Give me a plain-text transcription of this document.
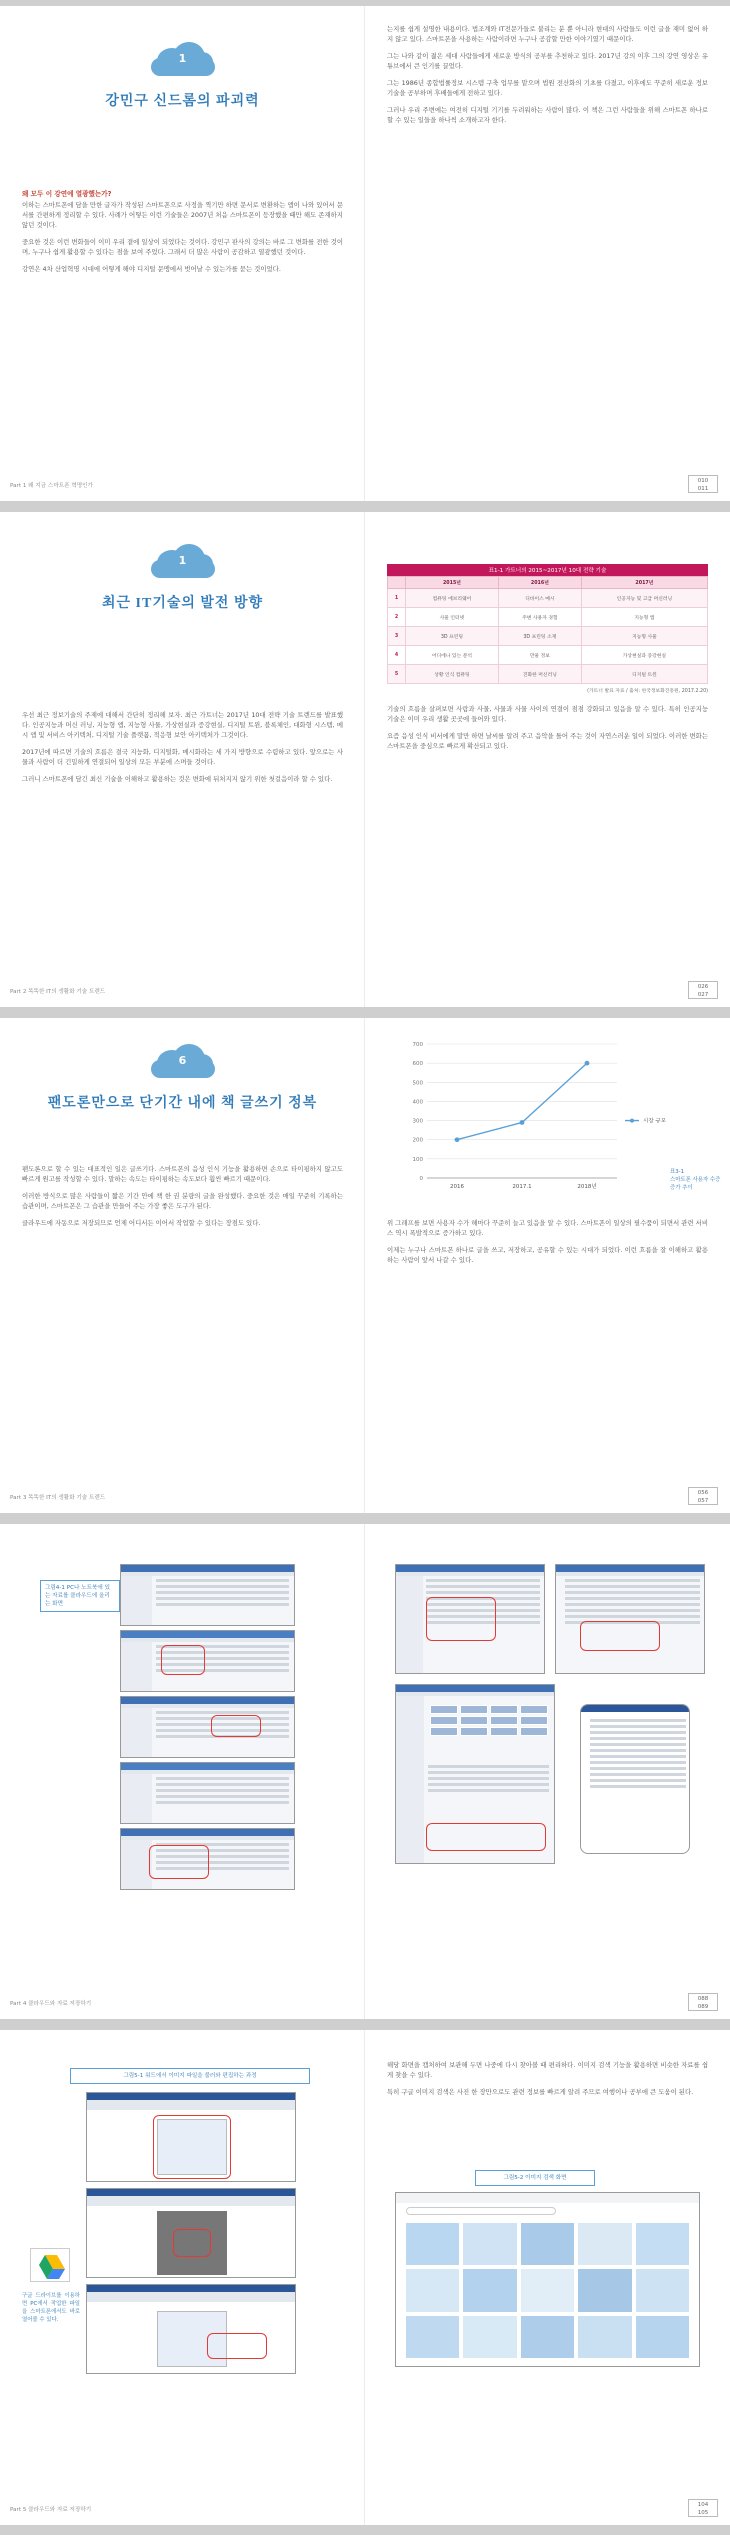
1
강민구 신드롬의 파괴력
왜 모두 이 강연에 열광했는가?

이하는 스마트폰에 담을 만한 글자가 작성된 스마트폰으로 사정을 찍기만 하면 문서로 변환하는 앱이 나와 있어서 문서를 간편하게 정리할 수 있다. 사례가 어떻든 이런 기술들은 2007년 처음 스마트폰이 등장했을 때만 해도 존재하지 않던 것이다.

중요한 것은 이런 변화들이 이미 우리 곁에 일상이 되었다는 것이다. 강민구 판사의 강의는 바로 그 변화를 전한 것이며, 누구나 쉽게 활용할 수 있다는 점을 보여 주었다. 그래서 더 많은 사람이 공감하고 열광했던 것이다.

강연은 4차 산업혁명 시대에 어떻게 해야 디지털 문맹에서 벗어날 수 있는가를 묻는 것이었다.

Part 1 왜 지금 스마트폰 혁명인가

는지를 쉽게 설명한 내용이다. 법조계와 IT전문가들로 불리는 분 뿐 아니라 현대의 사람들도 이런 글을 재미 없어 하지 않고 있다. 스마트폰을 사용하는 사람이라면 누구나 공감할 만한 이야기였기 때문이다.

그는 나와 같이 젊은 세대 사람들에게 새로운 방식의 공부를 추천하고 있다. 2017년 강의 이후 그의 강연 영상은 유튜브에서 큰 인기를 끌었다.

그는 1986년 종합법률정보 시스템 구축 업무를 맡으며 법원 전산화의 기초를 다졌고, 이후에도 꾸준히 새로운 정보 기술을 공부하며 후배들에게 전하고 있다.

그러나 우리 주변에는 여전히 디지털 기기를 두려워하는 사람이 많다. 이 책은 그런 사람들을 위해 스마트폰 하나로 할 수 있는 일들을 하나씩 소개하고자 한다.

010
011
1
최근 IT기술의 발전 방향

우선 최근 정보기술의 주제에 대해서 간단히 정리해 보자. 최근 가트너는 2017년 10대 전략 기술 트렌드를 발표했다. 인공지능과 머신 러닝, 지능형 앱, 지능형 사물, 가상현실과 증강현실, 디지털 트윈, 블록체인, 대화형 시스템, 메시 앱 및 서비스 아키텍처, 디지털 기술 플랫폼, 적응형 보안 아키텍처가 그것이다.

2017년에 따르면 기술의 흐름은 결국 지능화, 디지털화, 메시화라는 세 가지 방향으로 수렴하고 있다. 앞으로는 사물과 사람이 더 긴밀하게 연결되어 일상의 모든 부분에 스며들 것이다.

그러니 스마트폰에 담긴 최신 기술을 이해하고 활용하는 것은 변화에 뒤처지지 않기 위한 첫걸음이라 할 수 있다.

Part 2 똑똑한 IT의 생활화 기술 트렌드
표1-1 가트너의 2015~2017년 10대 전략 기술
	2015년	2016년	2017년
1	컴퓨팅 에브리웨어	디바이스 메시	인공지능 및 고급 머신러닝
2	사물 인터넷	주변 사용자 경험	지능형 앱
3	3D 프린팅	3D 프린팅 소재	지능형 사물
4	어디에나 있는 분석	만물 정보	가상현실과 증강현실
5	상황 인식 컴퓨팅	진화한 머신러닝	디지털 트윈
(가트너 발표 자료 / 출처: 한국정보화진흥원, 2017.2.20)

기술의 흐름을 살펴보면 사람과 사물, 사물과 사물 사이의 연결이 점점 강화되고 있음을 알 수 있다. 특히 인공지능 기술은 이미 우리 생활 곳곳에 들어와 있다.

요즘 음성 인식 비서에게 말만 하면 날씨를 알려 주고 음악을 틀어 주는 것이 자연스러운 일이 되었다. 이러한 변화는 스마트폰을 중심으로 빠르게 확산되고 있다.

026
027
6
팬도론만으로 단기간 내에 책 글쓰기 정복

팬도론으로 할 수 있는 대표적인 일은 글쓰기다. 스마트폰의 음성 인식 기능을 활용하면 손으로 타이핑하지 않고도 빠르게 원고를 작성할 수 있다. 말하는 속도는 타이핑하는 속도보다 훨씬 빠르기 때문이다.

이러한 방식으로 많은 사람들이 짧은 기간 안에 책 한 권 분량의 글을 완성했다. 중요한 것은 매일 꾸준히 기록하는 습관이며, 스마트폰은 그 습관을 만들어 주는 가장 좋은 도구가 된다.

클라우드에 자동으로 저장되므로 언제 어디서든 이어서 작업할 수 있다는 장점도 있다.

Part 3 똑똑한 IT의 생활화 기술 트렌드
0
100
200
300
400
500
600
700
2016	2017.1	2018년
시장 규모
표3-1
스마트폰 사용자 수증 증가 추이

위 그래프를 보면 사용자 수가 해마다 꾸준히 늘고 있음을 알 수 있다. 스마트폰이 일상의 필수품이 되면서 관련 서비스 역시 폭발적으로 증가하고 있다.

이제는 누구나 스마트폰 하나로 글을 쓰고, 저장하고, 공유할 수 있는 시대가 되었다. 이런 흐름을 잘 이해하고 활용하는 사람이 앞서 나갈 수 있다.

056
057
그림4-1 PC나 노트북에 있는 자료를 클라우드에 올리는 화면
Part 4 클라우드와 자료 저장하기
088
089
그림5-1 워드에서 이미지 파일을 불러와 편집하는 과정
구글 드라이브를 이용하면 PC에서 작업한 파일을 스마트폰에서도 바로 열어볼 수 있다.
Part 5 클라우드와 자료 저장하기

해당 화면을 캡처하여 보관해 두면 나중에 다시 찾아볼 때 편리하다. 이미지 검색 기능을 활용하면 비슷한 자료를 쉽게 찾을 수 있다.

특히 구글 이미지 검색은 사진 한 장만으로도 관련 정보를 빠르게 알려 주므로 여행이나 공부에 큰 도움이 된다.

그림5-2 이미지 검색 화면
104
105
